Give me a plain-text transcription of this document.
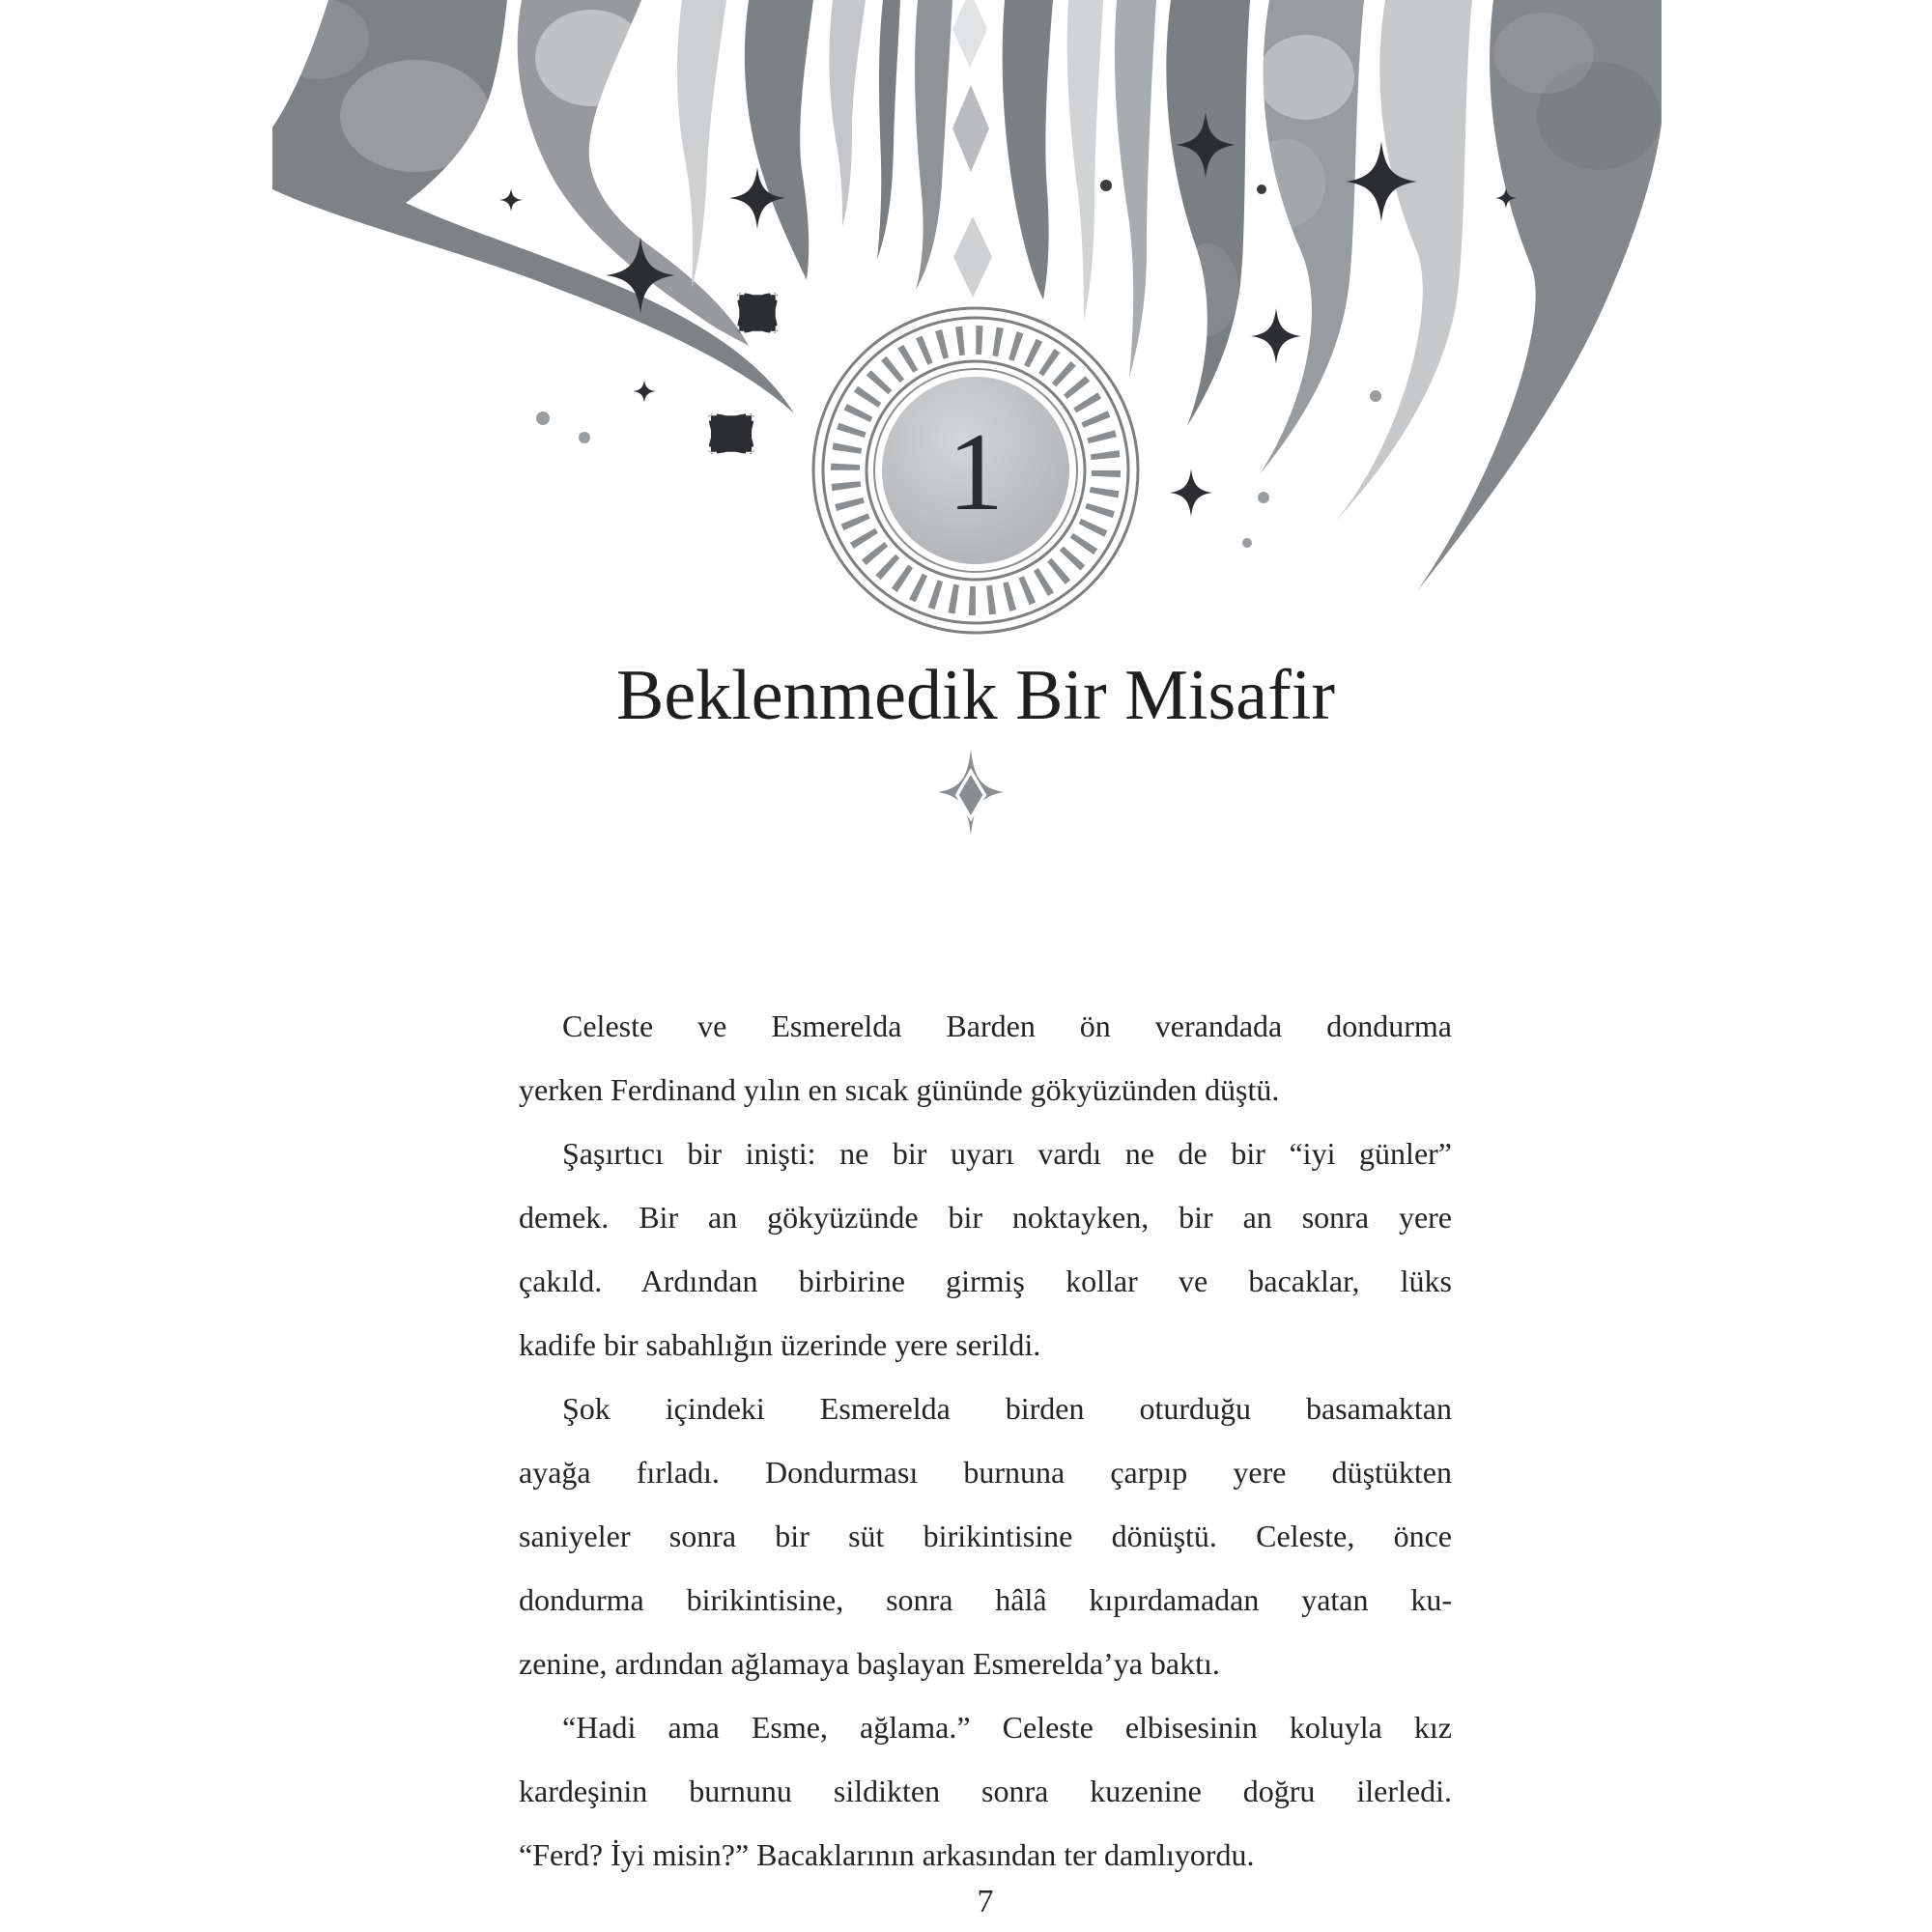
1
Beklenmedik Bir Misafir
Celeste ve Esmerelda Barden ön verandada dondurma
yerken Ferdinand yılın en sıcak gününde gökyüzünden düştü.
Şaşırtıcı bir inişti: ne bir uyarı vardı ne de bir “iyi günler”
demek. Bir an gökyüzünde bir noktayken, bir an sonra yere
çakıld. Ardından birbirine girmiş kollar ve bacaklar, lüks
kadife bir sabahlığın üzerinde yere serildi.
Şok içindeki Esmerelda birden oturduğu basamaktan
ayağa fırladı. Dondurması burnuna çarpıp yere düştükten
saniyeler sonra bir süt birikintisine dönüştü. Celeste, önce
dondurma birikintisine, sonra hâlâ kıpırdamadan yatan ku-
zenine, ardından ağlamaya başlayan Esmerelda’ya baktı.
“Hadi ama Esme, ağlama.” Celeste elbisesinin koluyla kız
kardeşinin burnunu sildikten sonra kuzenine doğru ilerledi.
“Ferd? İyi misin?” Bacaklarının arkasından ter damlıyordu.
7
